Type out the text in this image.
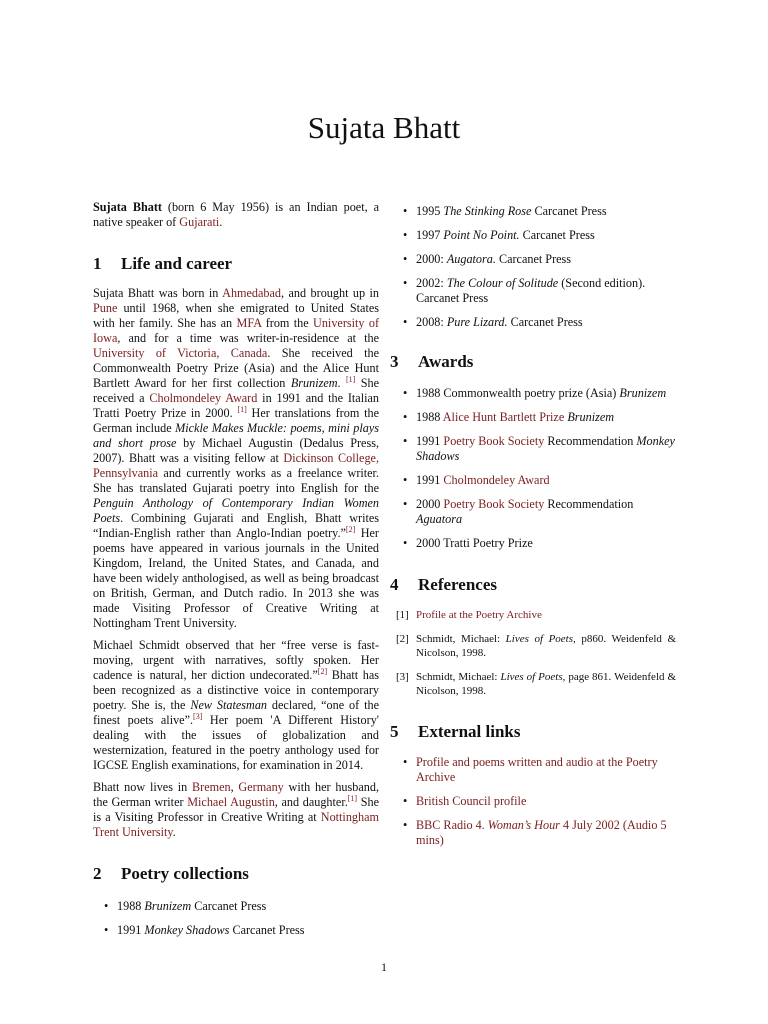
Sujata Bhatt

Sujata Bhatt (born 6 May 1956) is an Indian poet, a native speaker of Gujarati.

1 Life and career

Sujata Bhatt was born in Ahmedabad, and brought up in Pune until 1968, when she emigrated to United States with her family. She has an MFA from the University of Iowa, and for a time was writer-in-residence at the University of Victoria, Canada. She received the Commonwealth Poetry Prize (Asia) and the Alice Hunt Bartlett Award for her first collection Brunizem. [1] She received a Cholmondeley Award in 1991 and the Italian Tratti Poetry Prize in 2000. [1] Her translations from the German include Mickle Makes Muckle: poems, mini plays and short prose by Michael Augustin (Dedalus Press, 2007). Bhatt was a visiting fellow at Dickinson College, Pennsylvania and currently works as a freelance writer. She has translated Gujarati poetry into English for the Penguin Anthology of Contemporary Indian Women Poets. Combining Gujarati and English, Bhatt writes “Indian-English rather than Anglo-Indian poetry.”[2] Her poems have appeared in various journals in the United Kingdom, Ireland, the United States, and Canada, and have been widely anthologised, as well as being broadcast on British, German, and Dutch radio. In 2013 she was made Visiting Professor of Creative Writing at Nottingham Trent University.

Michael Schmidt observed that her “free verse is fast-moving, urgent with narratives, softly spoken. Her cadence is natural, her diction undecorated.”[2] Bhatt has been recognized as a distinctive voice in contemporary poetry. She is, the New Statesman declared, “one of the finest poets alive”.[3] Her poem 'A Different History' dealing with the issues of globalization and westernization, featured in the poetry anthology used for IGCSE English examinations, for examination in 2014.

Bhatt now lives in Bremen, Germany with her husband, the German writer Michael Augustin, and daughter.[1] She is a Visiting Professor in Creative Writing at Nottingham Trent University.

2 Poetry collections
• 1988 Brunizem Carcanet Press
• 1991 Monkey Shadows Carcanet Press
• 1995 The Stinking Rose Carcanet Press
• 1997 Point No Point. Carcanet Press
• 2000: Augatora. Carcanet Press
• 2002: The Colour of Solitude (Second edition). Carcanet Press
• 2008: Pure Lizard. Carcanet Press
3 Awards
• 1988 Commonwealth poetry prize (Asia) Brunizem
• 1988 Alice Hunt Bartlett Prize Brunizem
• 1991 Poetry Book Society Recommendation Monkey Shadows
• 1991 Cholmondeley Award
• 2000 Poetry Book Society Recommendation Aguatora
• 2000 Tratti Poetry Prize
4 References
[1] Profile at the Poetry Archive
[2] Schmidt, Michael: Lives of Poets, p860. Weidenfeld & Nicolson, 1998.
[3] Schmidt, Michael: Lives of Poets, page 861. Weidenfeld & Nicolson, 1998.
5 External links
• Profile and poems written and audio at the Poetry Archive
• British Council profile
• BBC Radio 4. Woman’s Hour 4 July 2002 (Audio 5 mins)
1
